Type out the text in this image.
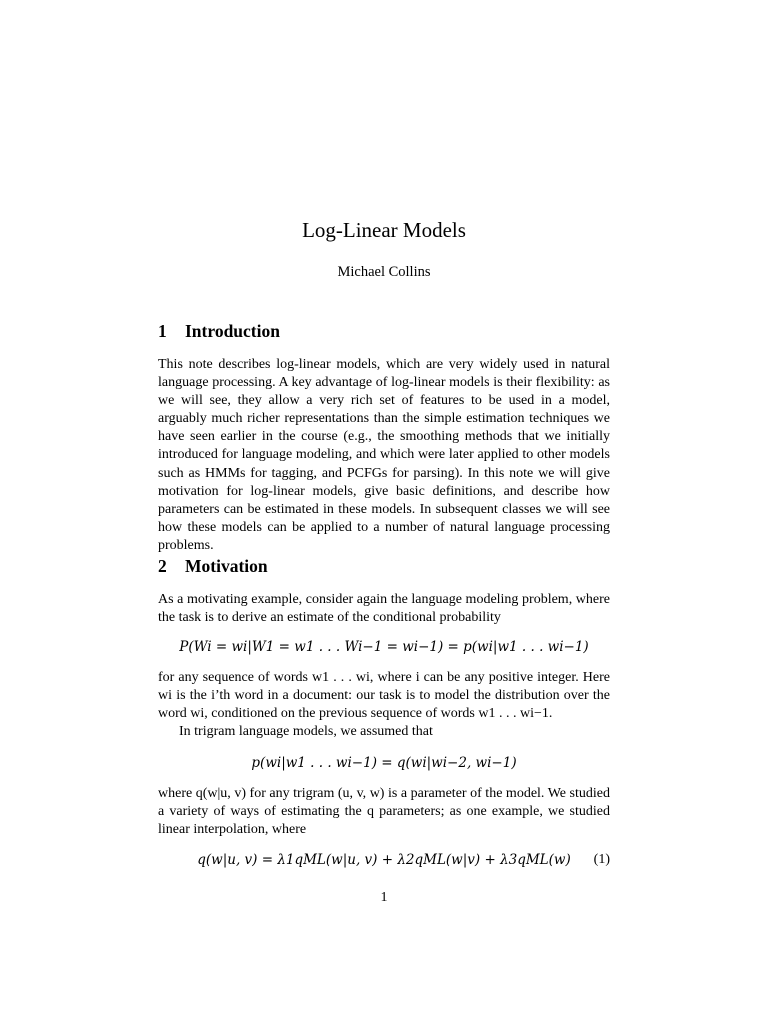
Log-Linear Models
Michael Collins
1 Introduction

This note describes log-linear models, which are very widely used in natural language processing. A key advantage of log-linear models is their flexibility: as we will see, they allow a very rich set of features to be used in a model, arguably much richer representations than the simple estimation techniques we have seen earlier in the course (e.g., the smoothing methods that we initially introduced for language modeling, and which were later applied to other models such as HMMs for tagging, and PCFGs for parsing). In this note we will give motivation for log-linear models, give basic definitions, and describe how parameters can be estimated in these models. In subsequent classes we will see how these models can be applied to a number of natural language processing problems.

2 Motivation

As a motivating example, consider again the language modeling problem, where the task is to derive an estimate of the conditional probability

P(Wi = wi|W1 = w1 . . . Wi−1 = wi−1) = p(wi|w1 . . . wi−1)

for any sequence of words w1 . . . wi, where i can be any positive integer. Here wi is the i’th word in a document: our task is to model the distribution over the word wi, conditioned on the previous sequence of words w1 . . . wi−1.

In trigram language models, we assumed that

p(wi|w1 . . . wi−1) = q(wi|wi−2, wi−1)

where q(w|u, v) for any trigram (u, v, w) is a parameter of the model. We studied a variety of ways of estimating the q parameters; as one example, we studied linear interpolation, where

q(w|u, v) = λ1qML(w|u, v) + λ2qML(w|v) + λ3qML(w)	(1)
1
